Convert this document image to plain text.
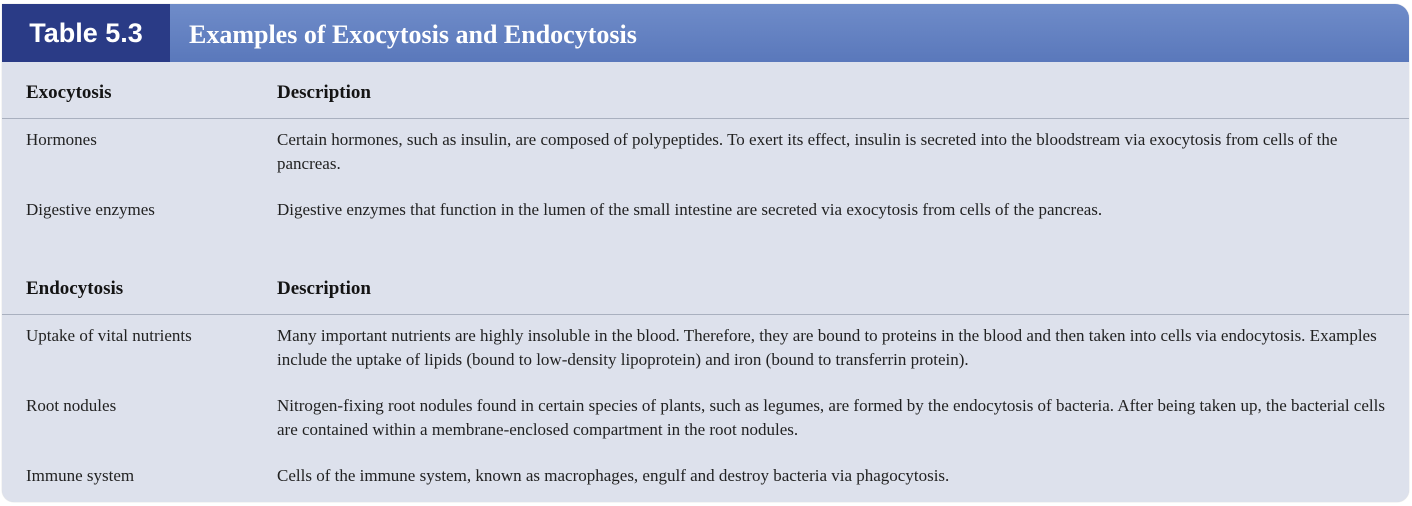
Table 5.3	Examples of Exocytosis and Endocytosis
Exocytosis	Description
Hormones	Certain hormones, such as insulin, are composed of polypeptides. To exert its effect, insulin is secreted into the bloodstream via exocytosis from cells of the pancreas.
Digestive enzymes	Digestive enzymes that function in the lumen of the small intestine are secreted via exocytosis from cells of the pancreas.
Endocytosis	Description
Uptake of vital nutrients	Many important nutrients are highly insoluble in the blood. Therefore, they are bound to proteins in the blood and then taken into cells via endocytosis. Examples include the uptake of lipids (bound to low-density lipoprotein) and iron (bound to transferrin protein).
Root nodules	Nitrogen-fixing root nodules found in certain species of plants, such as legumes, are formed by the endocytosis of bacteria. After being taken up, the bacterial cells are contained within a membrane-enclosed compartment in the root nodules.
Immune system	Cells of the immune system, known as macrophages, engulf and destroy bacteria via phagocytosis.
